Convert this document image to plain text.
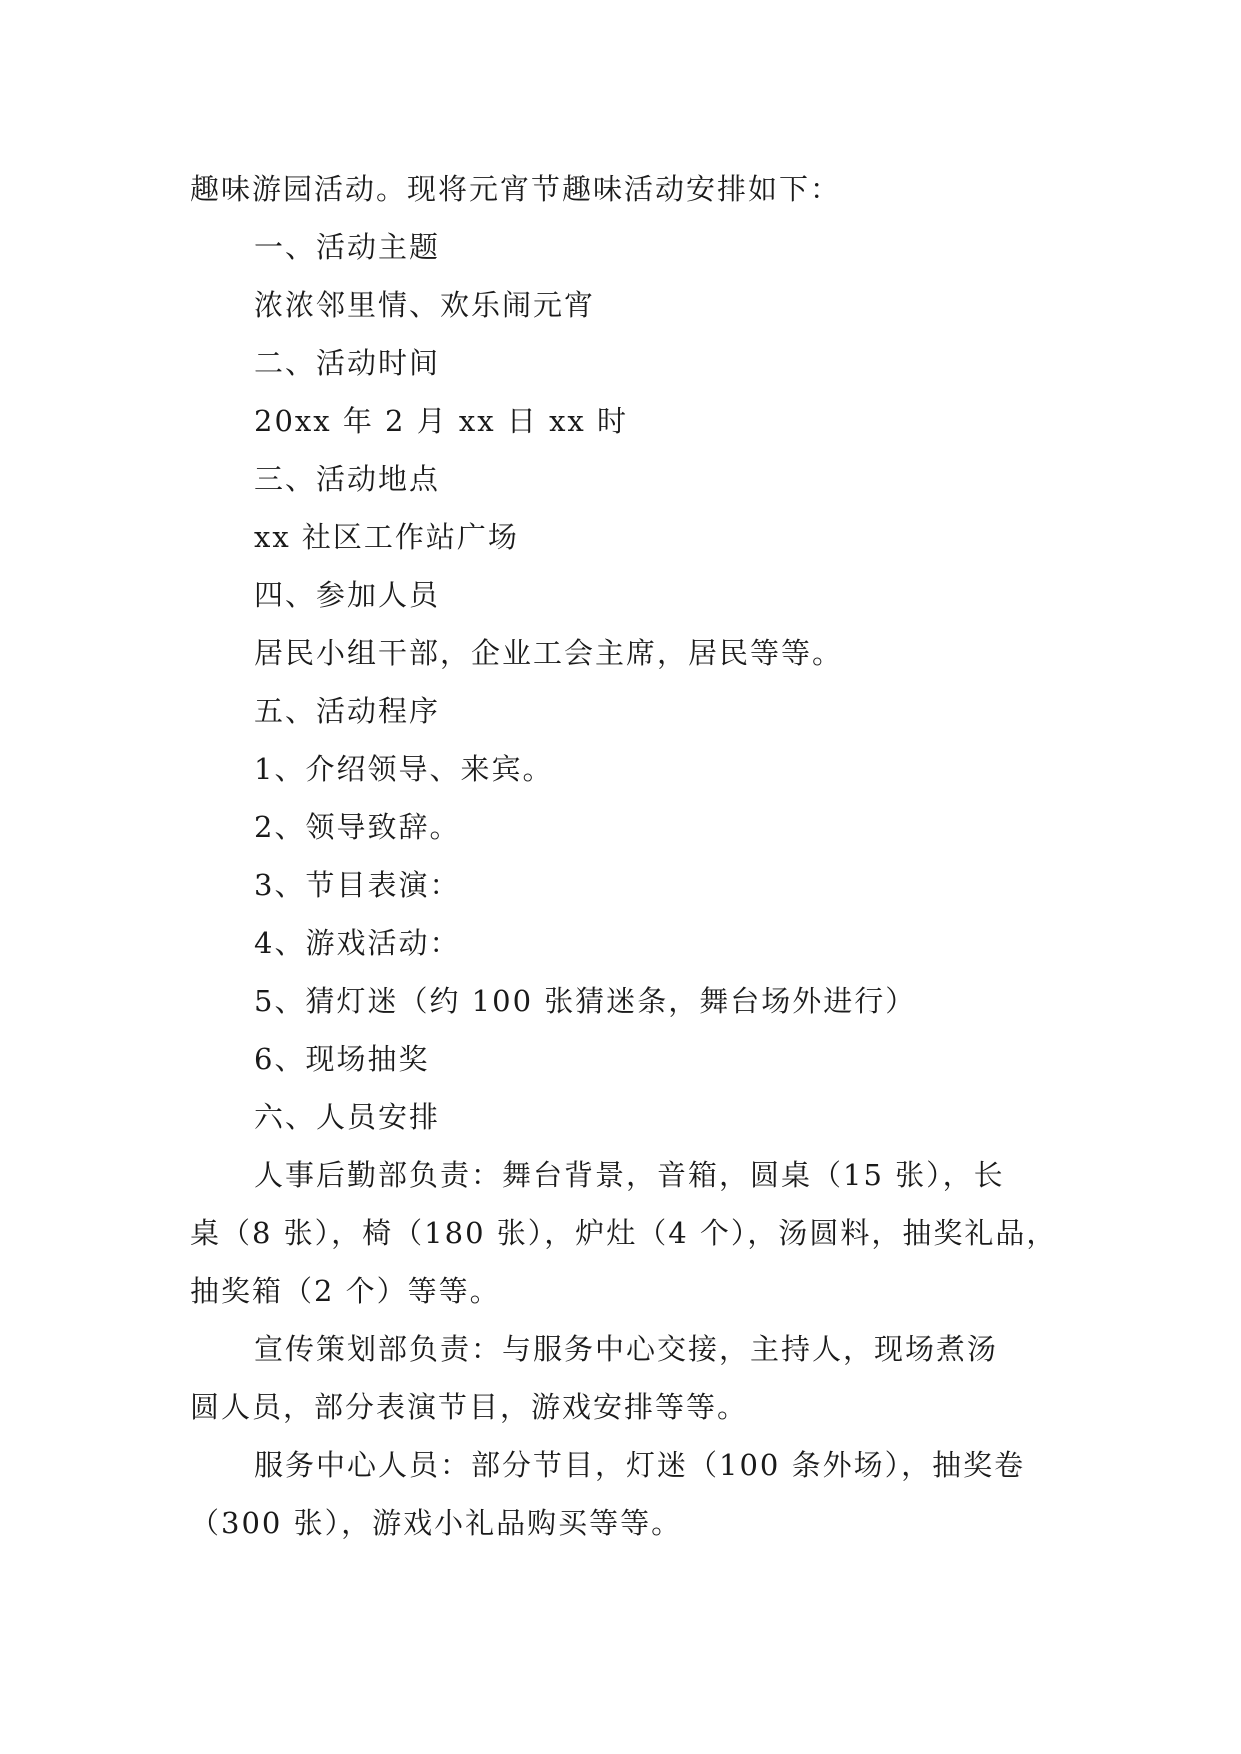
趣味游园活动。现将元宵节趣味活动安排如下：
一、活动主题
浓浓邻里情、欢乐闹元宵
二、活动时间
20xx 年 2 月 xx 日 xx 时
三、活动地点
xx 社区工作站广场
四、参加人员
居民小组干部，企业工会主席，居民等等。
五、活动程序
1、介绍领导、来宾。
2、领导致辞。
3、节目表演：
4、游戏活动：
5、猜灯迷（约 100 张猜迷条，舞台场外进行）
6、现场抽奖
六、人员安排
人事后勤部负责：舞台背景，音箱，圆桌（15 张），长
桌（8 张），椅（180 张），炉灶（4 个），汤圆料，抽奖礼品，
抽奖箱（2 个）等等。
宣传策划部负责：与服务中心交接，主持人，现场煮汤
圆人员，部分表演节目，游戏安排等等。
服务中心人员：部分节目，灯迷（100 条外场），抽奖卷
（300 张），游戏小礼品购买等等。
